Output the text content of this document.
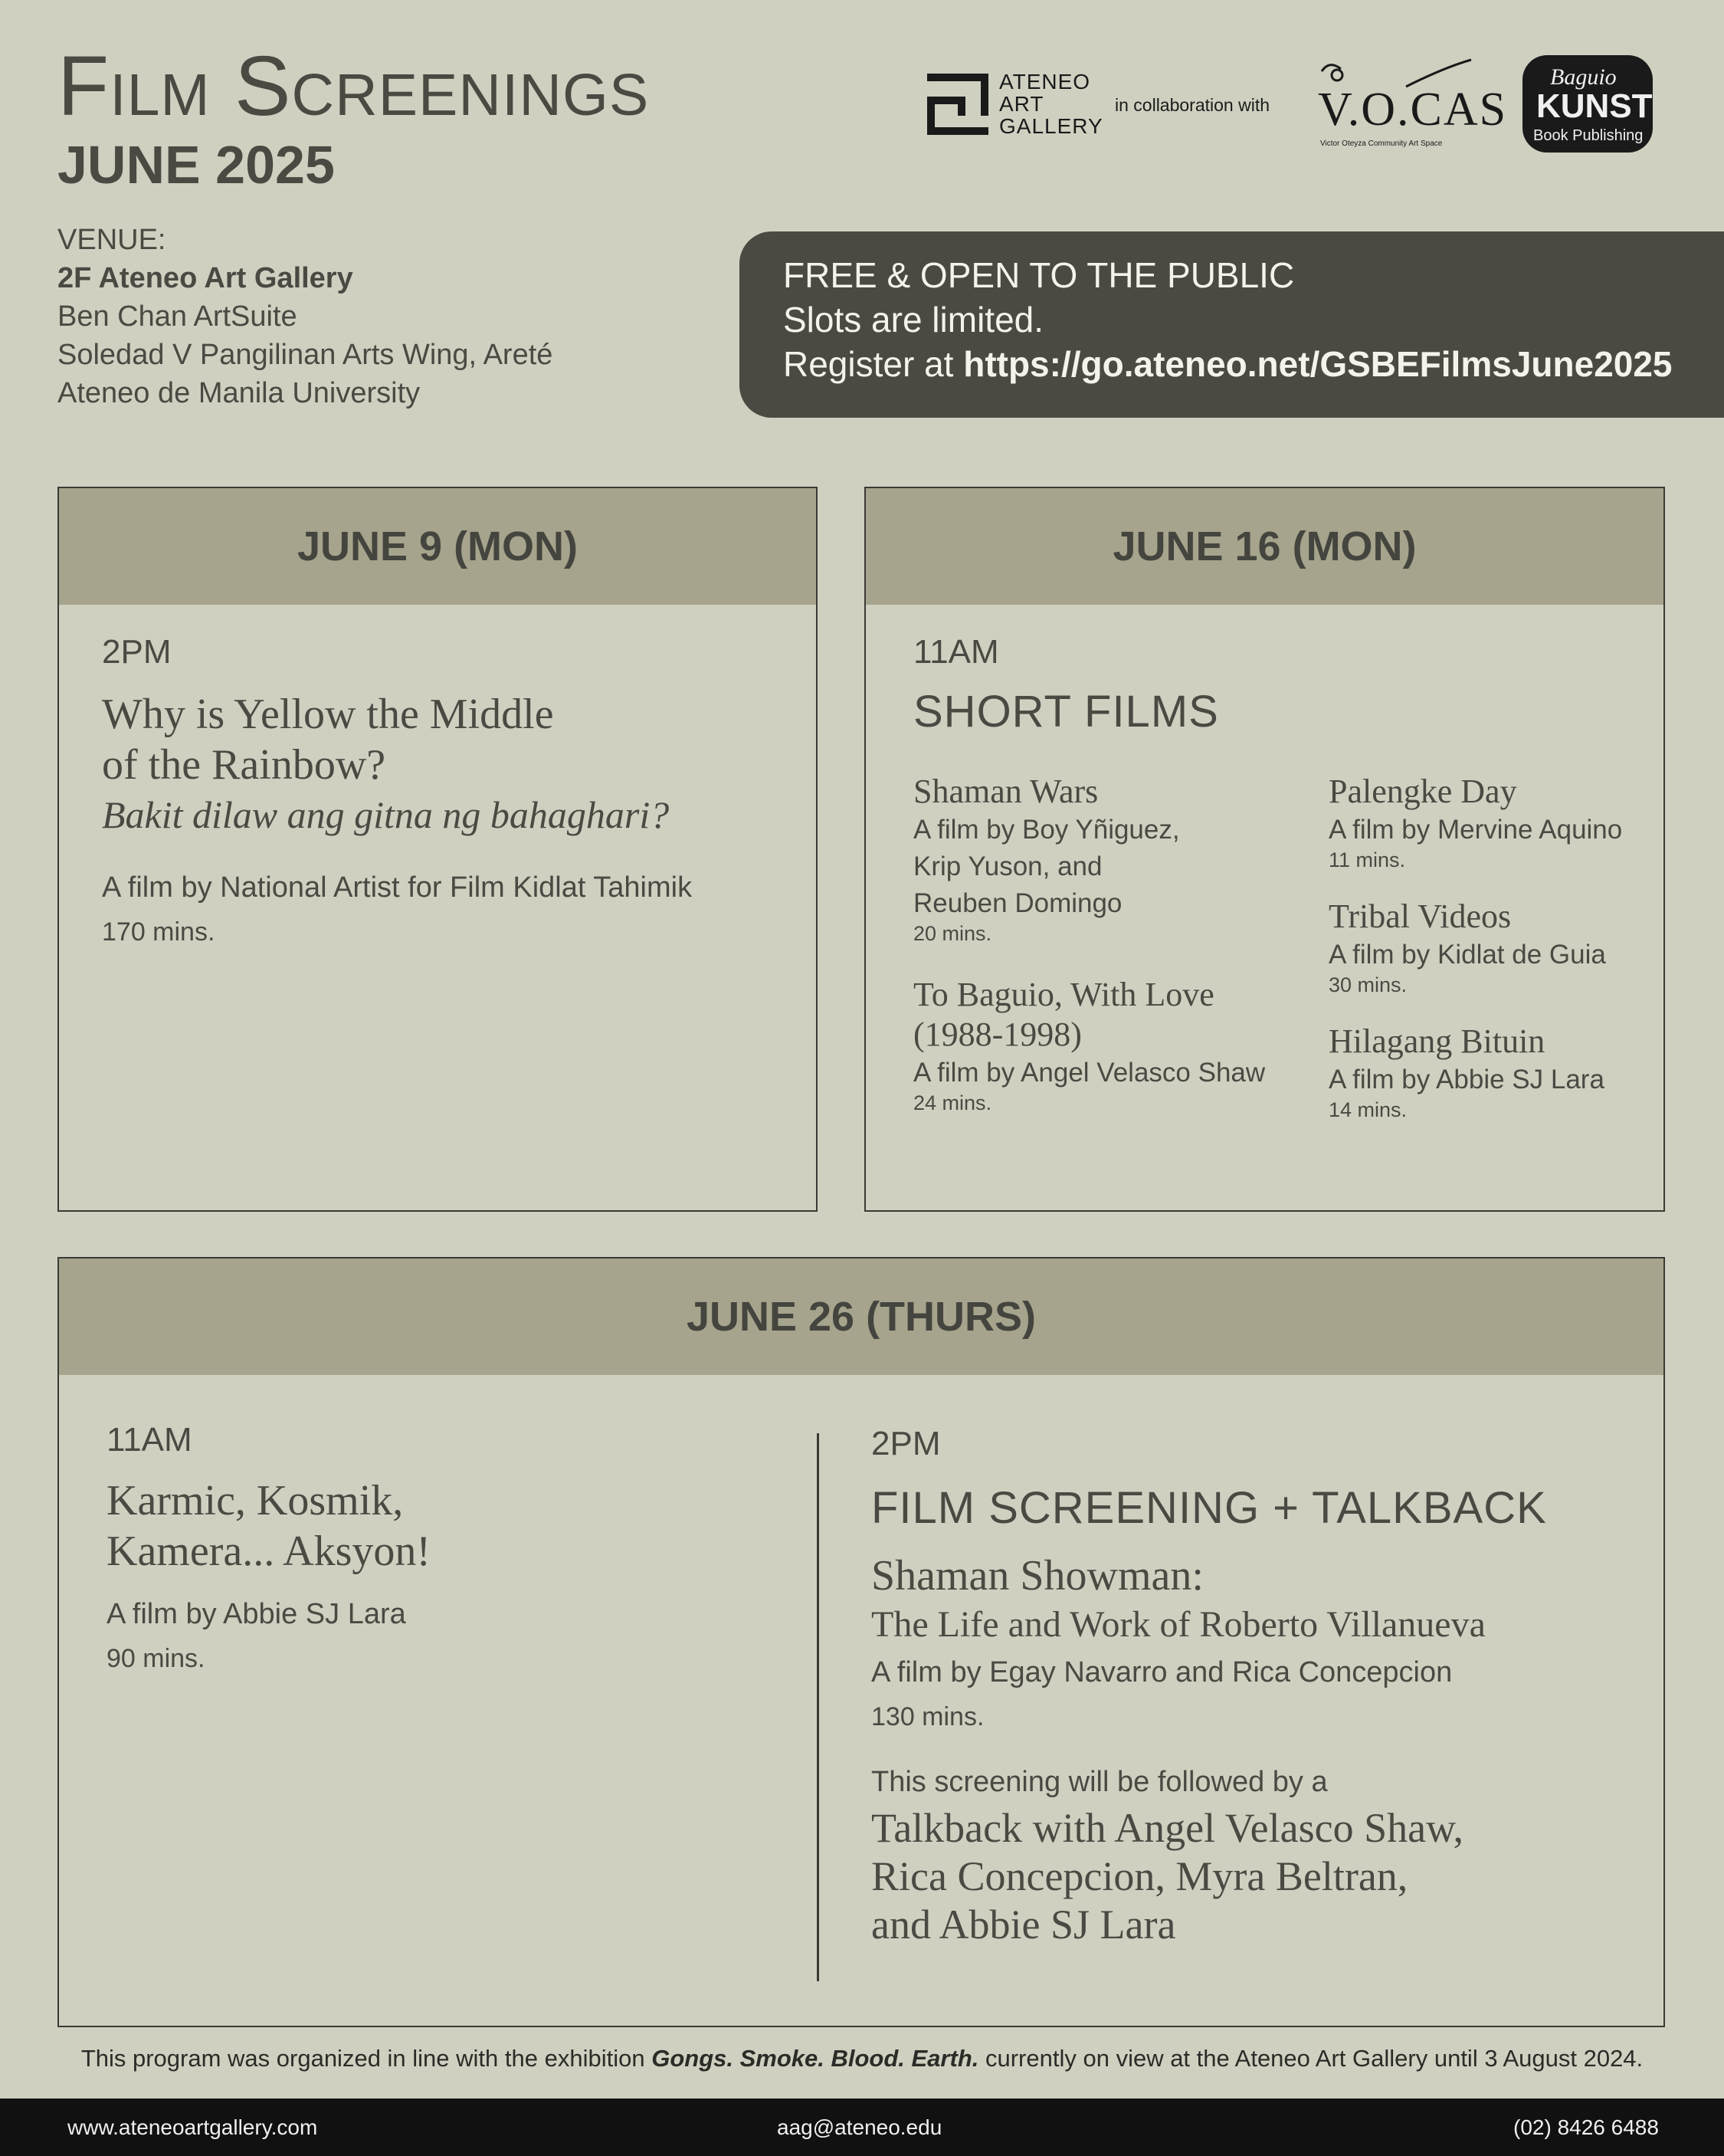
Film Screenings
JUNE 2025
VENUE:
2F Ateneo Art Gallery
Ben Chan ArtSuite
Soledad V Pangilinan Arts Wing, Areté
Ateneo de Manila University
ATENEO
ART
GALLERY
in collaboration with V.O.CAS
Victor Oteyza Community Art Space
Baguio
KUNST
Book Publishing
FREE & OPEN TO THE PUBLIC
Slots are limited.
Register at https://go.ateneo.net/GSBEFilmsJune2025
JUNE 9 (MON)
2PM
Why is Yellow the Middle
of the Rainbow?
Bakit dilaw ang gitna ng bahaghari?
A film by National Artist for Film Kidlat Tahimik
170 mins.
JUNE 16 (MON)
11AM
SHORT FILMS
Shaman Wars
A film by Boy Yñiguez,
Krip Yuson, and
Reuben Domingo
20 mins.
To Baguio, With Love
(1988-1998)
A film by Angel Velasco Shaw
24 mins.
Palengke Day
A film by Mervine Aquino
11 mins.
Tribal Videos
A film by Kidlat de Guia
30 mins.
Hilagang Bituin
A film by Abbie SJ Lara
14 mins.
JUNE 26 (THURS)
11AM
Karmic, Kosmik,
Kamera... Aksyon!
A film by Abbie SJ Lara
90 mins.
2PM
FILM SCREENING + TALKBACK
Shaman Showman:
The Life and Work of Roberto Villanueva
A film by Egay Navarro and Rica Concepcion
130 mins.
This screening will be followed by a
Talkback with Angel Velasco Shaw,
Rica Concepcion, Myra Beltran,
and Abbie SJ Lara
This program was organized in line with the exhibition Gongs. Smoke. Blood. Earth. currently on view at the Ateneo Art Gallery until 3 August 2024.
www.ateneoartgallery.com	aag@ateneo.edu	(02) 8426 6488
